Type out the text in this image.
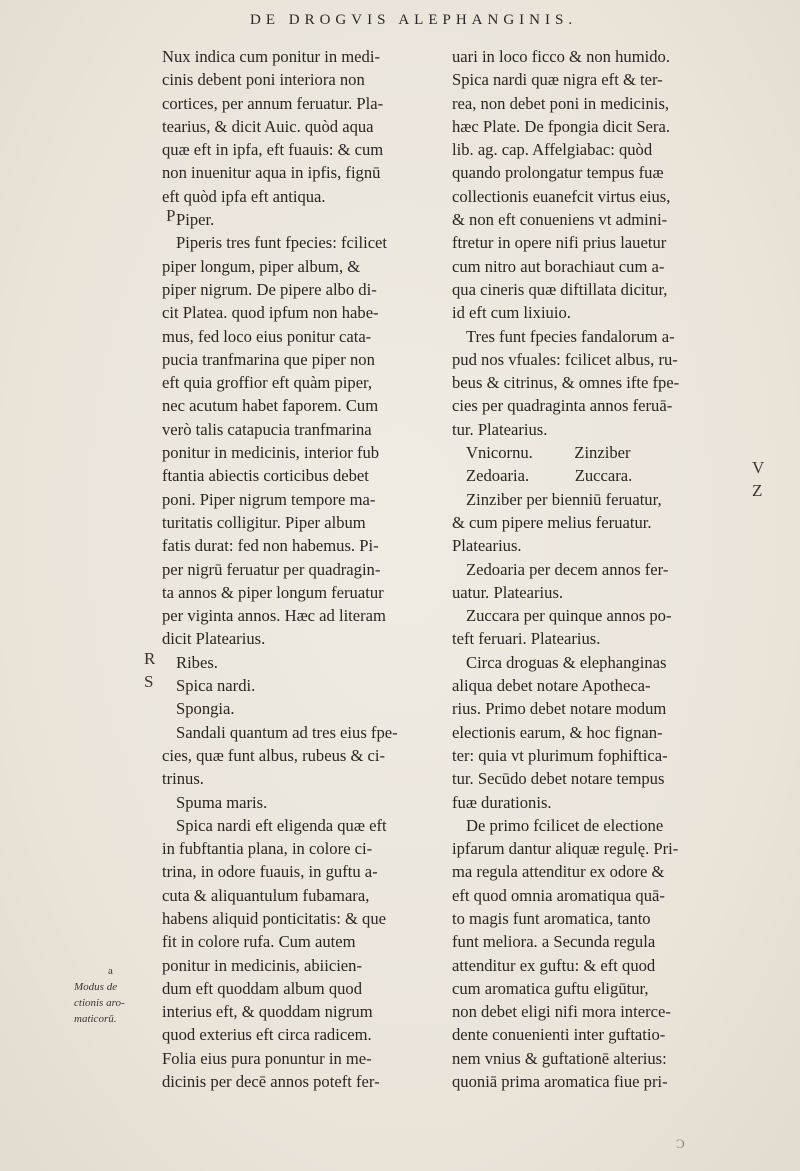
DE DROGVIS ALEPHANGINIS.
Nux indica cum ponitur in medi-
cinis debent poni interiora non
cortices, per annum feruatur. Pla-
tearius, & dicit Auic. quòd aqua
quæ eft in ipfa, eft fuauis: & cum
non inuenitur aqua in ipfis, fignū
eft quòd ipfa eft antiqua.
Piper.
Piperis tres funt fpecies: fcilicet
piper longum, piper album, &
piper nigrum. De pipere albo di-
cit Platea. quod ipfum non habe-
mus, fed loco eius ponitur cata-
pucia tranfmarina que piper non
eft quia groffior eft quàm piper,
nec acutum habet faporem. Cum
verò talis catapucia tranfmarina
ponitur in medicinis, interior fub
ftantia abiectis corticibus debet
poni. Piper nigrum tempore ma-
turitatis colligitur. Piper album
fatis durat: fed non habemus. Pi-
per nigrū feruatur per quadragin-
ta annos & piper longum feruatur
per viginta annos. Hæc ad literam
dicit Platearius.
Ribes.
Spica nardi.
Spongia.
Sandali quantum ad tres eius fpe-
cies, quæ funt albus, rubeus & ci-
trinus.
Spuma maris.
Spica nardi eft eligenda quæ eft
in fubftantia plana, in colore ci-
trina, in odore fuauis, in guftu a-
cuta & aliquantulum fubamara,
habens aliquid ponticitatis: & que
fit in colore rufa. Cum autem
ponitur in medicinis, abiicien-
dum eft quoddam album quod
interius eft, & quoddam nigrum
quod exterius eft circa radicem.
Folia eius pura ponuntur in me-
dicinis per decē annos poteft fer-
uari in loco ficco & non humido.
Spica nardi quæ nigra eft & ter-
rea, non debet poni in medicinis,
hæc Plate. De fpongia dicit Sera.
lib. ag. cap. Affelgiabac: quòd
quando prolongatur tempus fuæ
collectionis euanefcit virtus eius,
& non eft conueniens vt admini-
ftretur in opere nifi prius lauetur
cum nitro aut borachiaut cum a-
qua cineris quæ diftillata dicitur,
id eft cum lixiuio.
Tres funt fpecies fandalorum a-
pud nos vfuales: fcilicet albus, ru-
beus & citrinus, & omnes ifte fpe-
cies per quadraginta annos feruā-
tur. Platearius.
Vnicornu.          Zinziber
Zedoaria.           Zuccara.
Zinziber per bienniū feruatur,
& cum pipere melius feruatur.
Platearius.
Zedoaria per decem annos fer-
uatur. Platearius.
Zuccara per quinque annos po-
teft feruari. Platearius.
Circa droguas & elephanginas
aliqua debet notare Apotheca-
rius. Primo debet notare modum
electionis earum, & hoc fignan-
ter: quia vt plurimum fophiftica-
tur. Secūdo debet notare tempus
fuæ durationis.
De primo fcilicet de electione
ipfarum dantur aliquæ regulę. Pri-
ma regula attenditur ex odore &
eft quod omnia aromatiqua quā-
to magis funt aromatica, tanto
funt meliora. a Secunda regula
attenditur ex guftu: & eft quod
cum aromatica guftu eligūtur,
non debet eligi nifi mora interce-
dente conuenienti inter guftatio-
nem vnius & guftationē alterius:
quoniā prima aromatica fiue pri-
P
R
S
V
Z
a
Modus de
ctionis aro-
maticorū.
Ɔ
